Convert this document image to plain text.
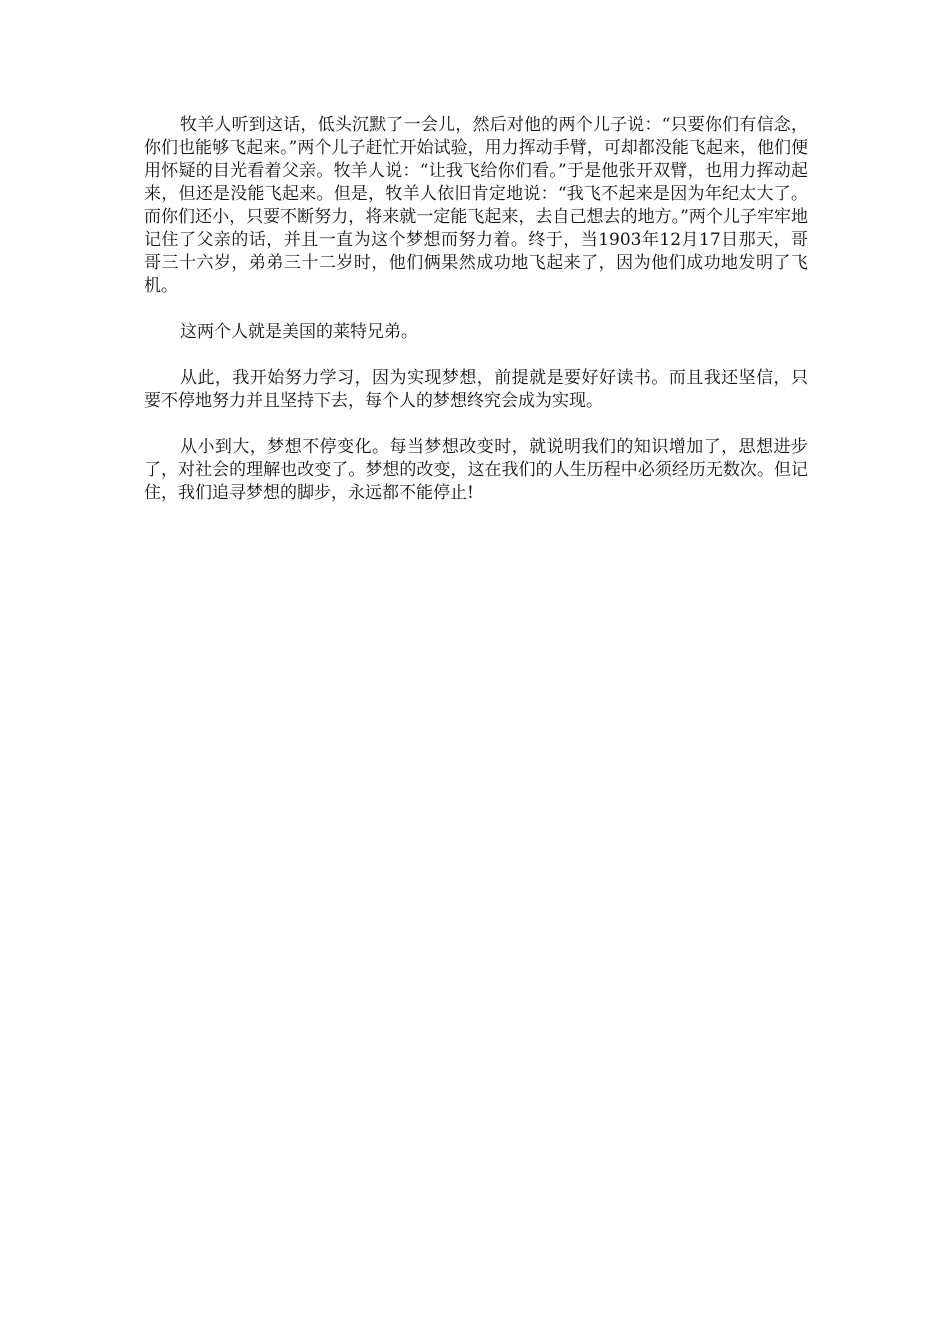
牧羊人听到这话，低头沉默了一会儿，然后对他的两个儿子说：“只要你们有信念，你们也能够飞起来。”两个儿子赶忙开始试验，用力挥动手臂，可却都没能飞起来，他们便用怀疑的目光看着父亲。牧羊人说：“让我飞给你们看。”于是他张开双臂，也用力挥动起来，但还是没能飞起来。但是，牧羊人依旧肯定地说：“我飞不起来是因为年纪太大了。而你们还小，只要不断努力，将来就一定能飞起来，去自己想去的地方。”两个儿子牢牢地记住了父亲的话，并且一直为这个梦想而努力着。终于，当1903年12月17日那天，哥哥三十六岁，弟弟三十二岁时，他们俩果然成功地飞起来了，因为他们成功地发明了飞机。

这两个人就是美国的莱特兄弟。

从此，我开始努力学习，因为实现梦想，前提就是要好好读书。而且我还坚信，只要不停地努力并且坚持下去，每个人的梦想终究会成为实现。

从小到大，梦想不停变化。每当梦想改变时，就说明我们的知识增加了，思想进步了，对社会的理解也改变了。梦想的改变，这在我们的人生历程中必须经历无数次。但记住，我们追寻梦想的脚步，永远都不能停止!
